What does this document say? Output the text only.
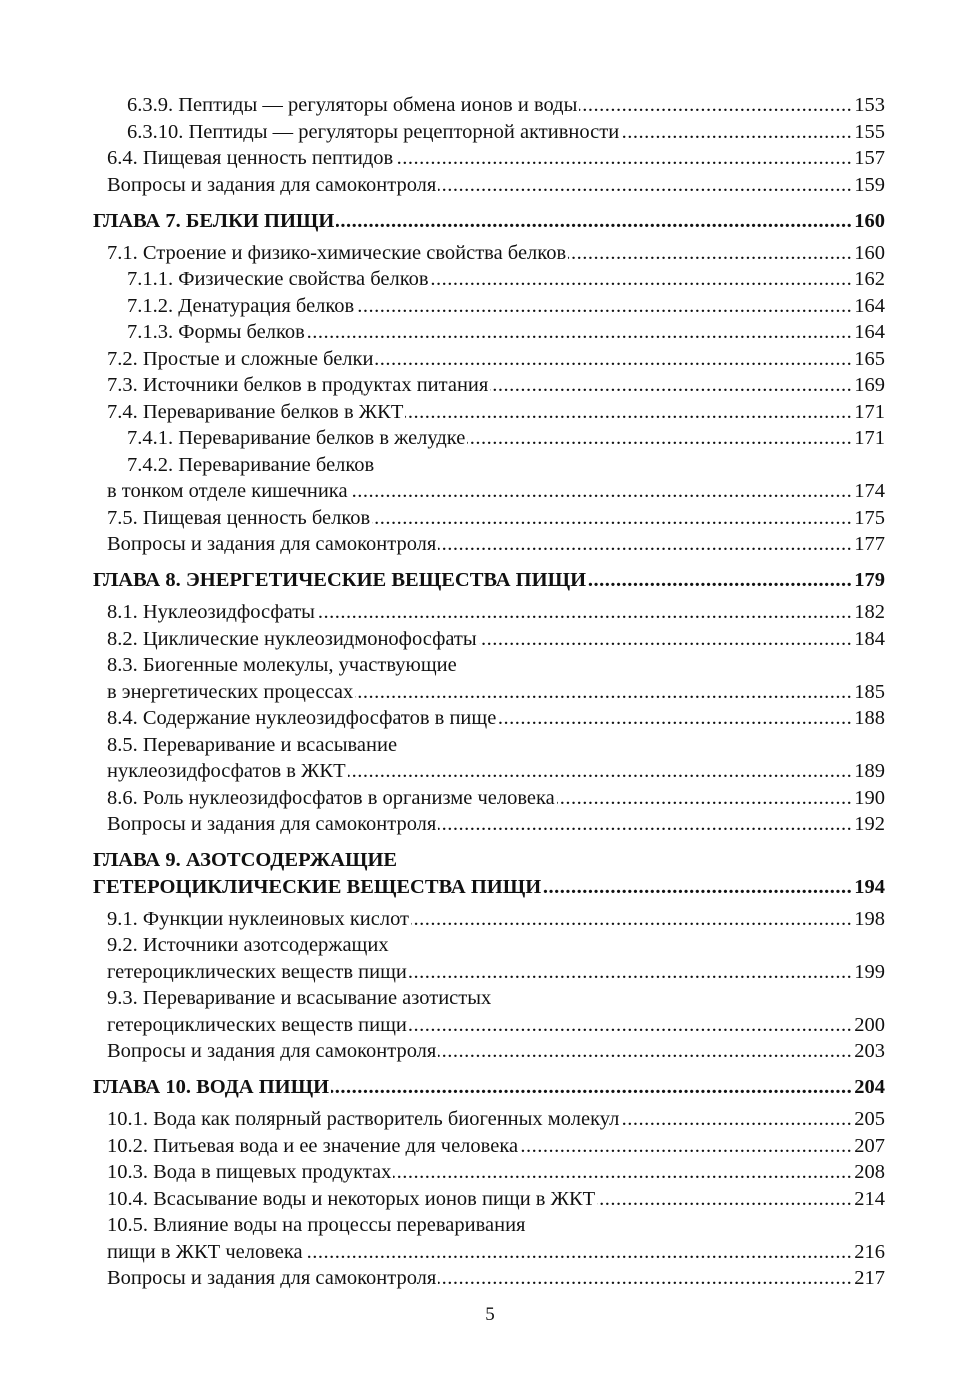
6.3.9. Пептиды — регуляторы обмена ионов и воды .....	153
6.3.10. Пептиды — регуляторы рецепторной активности .....	155
6.4. Пищевая ценность пептидов .....	157
Вопросы и задания для самоконтроля .....	159
ГЛАВА 7. БЕЛКИ ПИЩИ .....	160
7.1. Строение и физико-химические свойства белков .....	160
7.1.1. Физические свойства белков .....	162
7.1.2. Денатурация белков .....	164
7.1.3. Формы белков .....	164
7.2. Простые и сложные белки .....	165
7.3. Источники белков в продуктах питания .....	169
7.4. Переваривание белков в ЖКТ .....	171
7.4.1. Переваривание белков в желудке .....	171
7.4.2. Переваривание белков
в тонком отделе кишечника .....	174
7.5. Пищевая ценность белков .....	175
Вопросы и задания для самоконтроля .....	177
ГЛАВА 8. ЭНЕРГЕТИЧЕСКИЕ ВЕЩЕСТВА ПИЩИ .....	179
8.1. Нуклеозидфосфаты .....	182
8.2. Циклические нуклеозидмонофосфаты .....	184
8.3. Биогенные молекулы, участвующие
в энергетических процессах .....	185
8.4. Содержание нуклеозидфосфатов в пище .....	188
8.5. Переваривание и всасывание
нуклеозидфосфатов в ЖКТ .....	189
8.6. Роль нуклеозидфосфатов в организме человека .....	190
Вопросы и задания для самоконтроля .....	192
ГЛАВА 9. АЗОТСОДЕРЖАЩИЕ
ГЕТЕРОЦИКЛИЧЕСКИЕ ВЕЩЕСТВА ПИЩИ .....	194
9.1. Функции нуклеиновых кислот .....	198
9.2. Источники азотсодержащих
гетероциклических веществ пищи .....	199
9.3. Переваривание и всасывание азотистых
гетероциклических веществ пищи .....	200
Вопросы и задания для самоконтроля .....	203
ГЛАВА 10. ВОДА ПИЩИ .....	204
10.1. Вода как полярный растворитель биогенных молекул .....	205
10.2. Питьевая вода и ее значение для человека .....	207
10.3. Вода в пищевых продуктах .....	208
10.4. Всасывание воды и некоторых ионов пищи в ЖКТ .....	214
10.5. Влияние воды на процессы переваривания
пищи в ЖКТ человека .....	216
Вопросы и задания для самоконтроля .....	217
5
